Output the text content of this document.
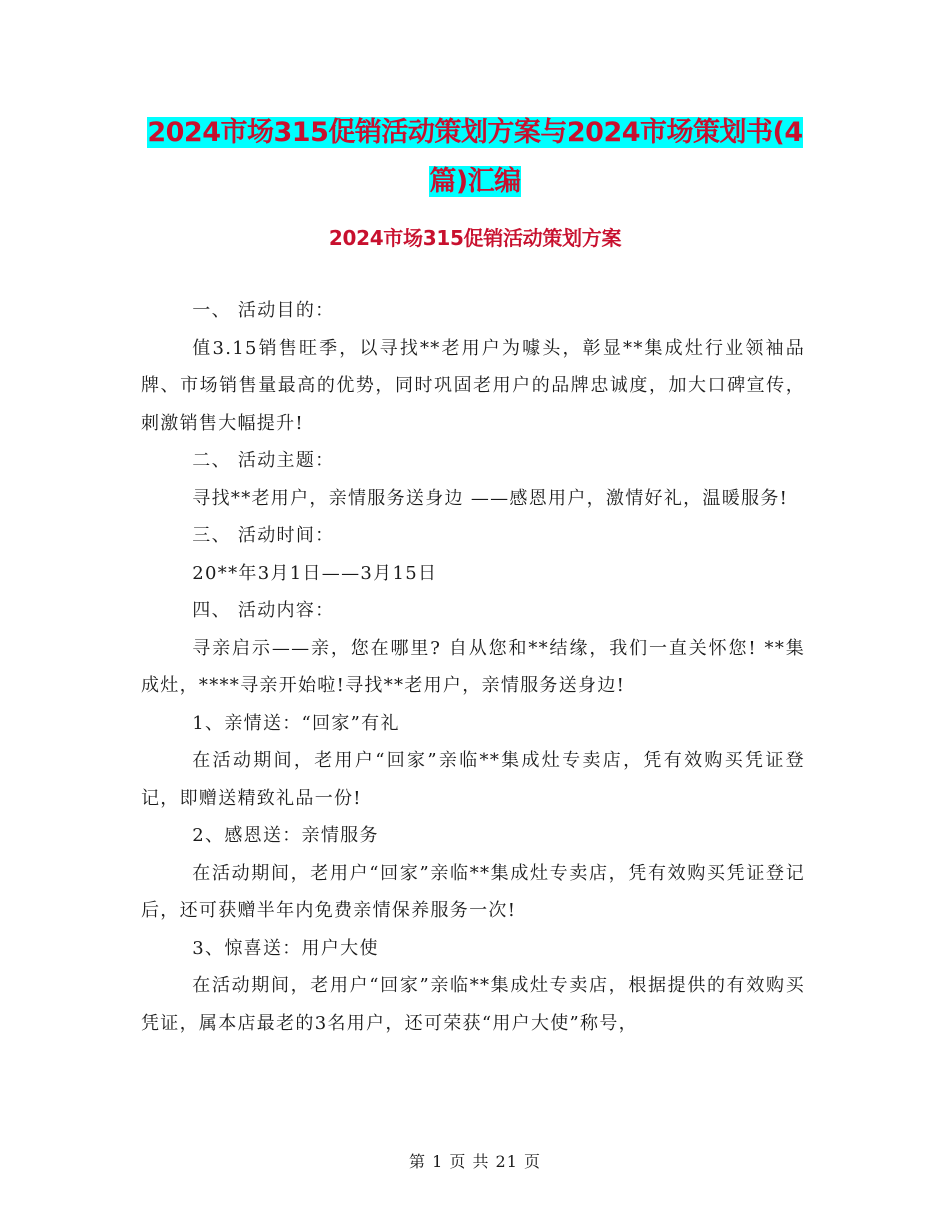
2024市场315促销活动策划方案与2024市场策划书(4篇)汇编
2024市场315促销活动策划方案

一、 活动目的：

值3.15销售旺季，以寻找**老用户为噱头，彰显**集成灶行业领袖品牌、市场销售量最高的优势，同时巩固老用户的品牌忠诚度，加大口碑宣传，刺激销售大幅提升!

二、 活动主题：

寻找**老用户，亲情服务送身边 ——感恩用户，激情好礼，温暖服务!

三、 活动时间：

20**年3月1日——3月15日

四、 活动内容：

寻亲启示——亲，您在哪里? 自从您和**结缘，我们一直关怀您! **集成灶，****寻亲开始啦!寻找**老用户，亲情服务送身边!

1、亲情送：“回家”有礼

在活动期间，老用户“回家”亲临**集成灶专卖店，凭有效购买凭证登记，即赠送精致礼品一份!

2、感恩送：亲情服务

在活动期间，老用户“回家”亲临**集成灶专卖店，凭有效购买凭证登记后，还可获赠半年内免费亲情保养服务一次!

3、惊喜送：用户大使

在活动期间，老用户“回家”亲临**集成灶专卖店，根据提供的有效购买凭证，属本店最老的3名用户，还可荣获“用户大使”称号，

第 1 页 共 21 页
